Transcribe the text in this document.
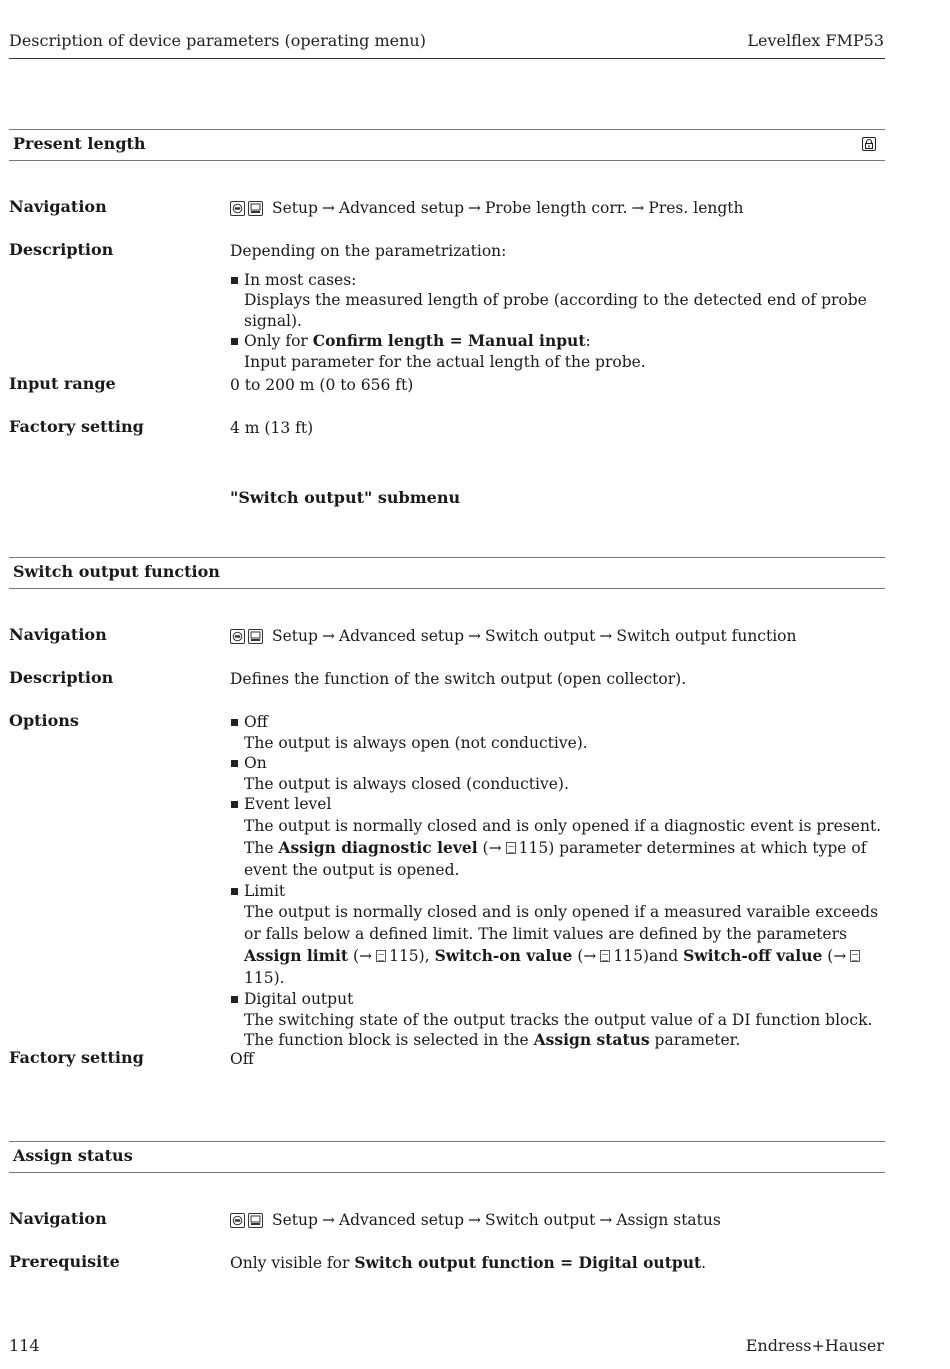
Description of device parameters (operating menu)	Levelflex FMP53
Present length
Navigation	Setup → Advanced setup → Probe length corr. → Pres. length
Description	Depending on the parametrization:
In most cases:
Displays the measured length of probe (according to the detected end of probe signal).
Only for Confirm length = Manual input:
Input parameter for the actual length of the probe.
Input range	0 to 200 m (0 to 656 ft)
Factory setting	4 m (13 ft)
"Switch output" submenu
Switch output function
Navigation	Setup → Advanced setup → Switch output → Switch output function
Description	Defines the function of the switch output (open collector).
Options	Off
The output is always open (not conductive).
On
The output is always closed (conductive).
Event level
The output is normally closed and is only opened if a diagnostic event is present. The Assign diagnostic level (→ 115) parameter determines at which type of event the output is opened.
Limit
The output is normally closed and is only opened if a measured varaible exceeds or falls below a defined limit. The limit values are defined by the parameters Assign limit (→ 115), Switch-on value (→ 115)and Switch-off value (→115).
Digital output
The switching state of the output tracks the output value of a DI function block. The function block is selected in the Assign status parameter.
Factory setting	Off
Assign status
Navigation	Setup → Advanced setup → Switch output → Assign status
Prerequisite	Only visible for Switch output function = Digital output.
114	Endress+Hauser
